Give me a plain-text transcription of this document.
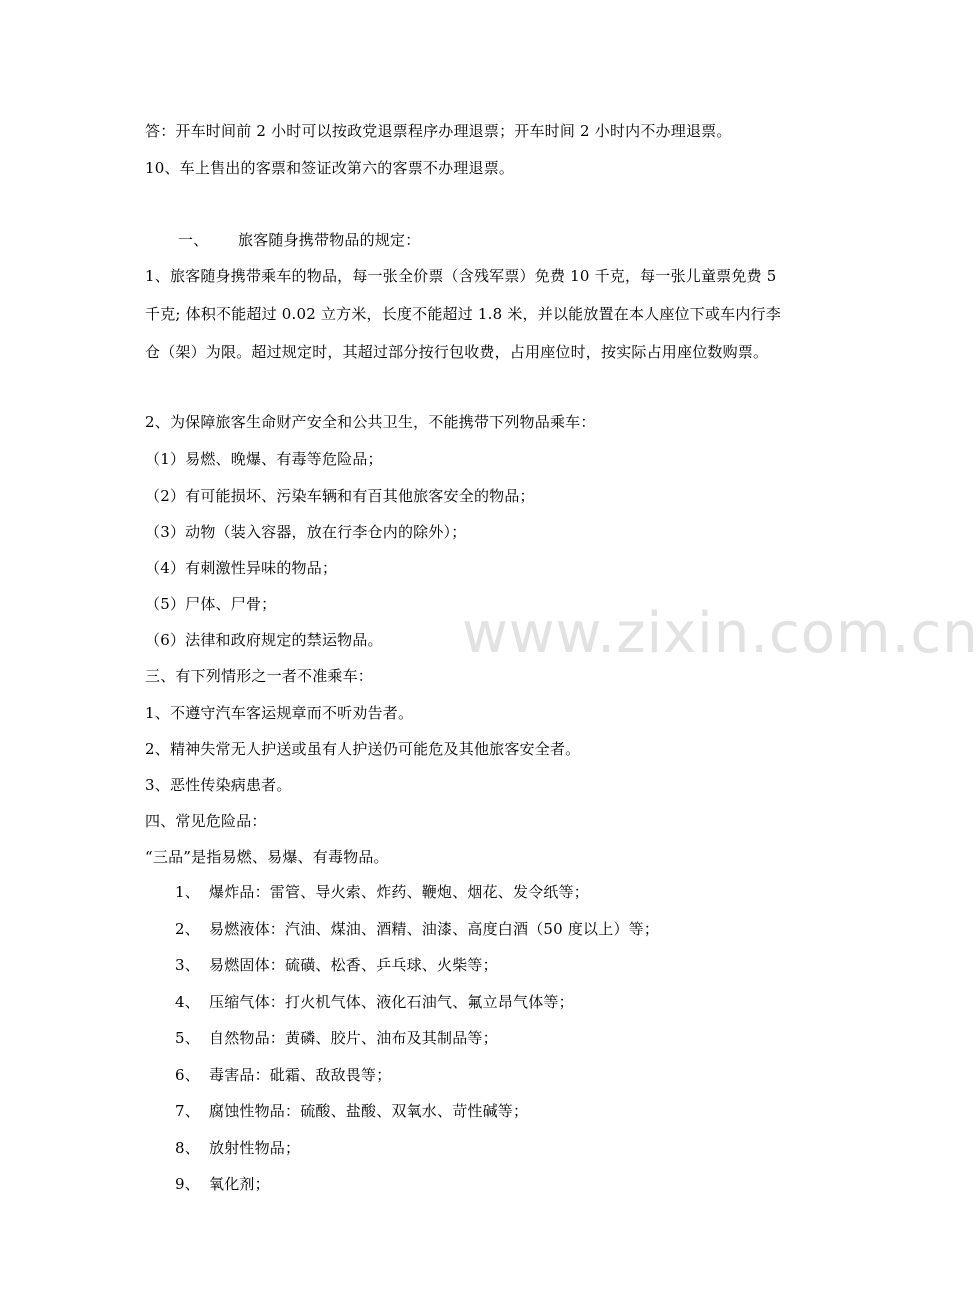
www.zixin.com.cn
答：开车时间前 2 小时可以按政党退票程序办理退票；开车时间 2 小时内不办理退票。
10、车上售出的客票和签证改第六的客票不办理退票。
一、 旅客随身携带物品的规定：
1、旅客随身携带乘车的物品，每一张全价票（含残军票）免费 10 千克，每一张儿童票免费 5 千克; 体积不能超过 0.02 立方米，长度不能超过 1.8 米，并以能放置在本人座位下或车内行李仓（架）为限。超过规定时，其超过部分按行包收费，占用座位时，按实际占用座位数购票。
2、为保障旅客生命财产安全和公共卫生，不能携带下列物品乘车：
（1）易燃、晚爆、有毒等危险品；
（2）有可能损坏、污染车辆和有百其他旅客安全的物品；
（3）动物（装入容器，放在行李仓内的除外）；
（4）有刺激性异味的物品；
（5）尸体、尸骨；
（6）法律和政府规定的禁运物品。
三、有下列情形之一者不准乘车：
1、不遵守汽车客运规章而不听劝告者。
2、精神失常无人护送或虽有人护送仍可能危及其他旅客安全者。
3、恶性传染病患者。
四、常见危险品：
“三品”是指易燃、易爆、有毒物品。
1、 爆炸品：雷管、导火索、炸药、鞭炮、烟花、发令纸等；
2、 易燃液体：汽油、煤油、酒精、油漆、高度白酒（50 度以上）等；
3、 易燃固体：硫磺、松香、乒乓球、火柴等；
4、 压缩气体：打火机气体、液化石油气、氟立昂气体等；
5、 自然物品：黄磷、胶片、油布及其制品等；
6、 毒害品：砒霜、敌敌畏等；
7、 腐蚀性物品：硫酸、盐酸、双氧水、苛性碱等；
8、 放射性物品；
9、 氧化剂；
